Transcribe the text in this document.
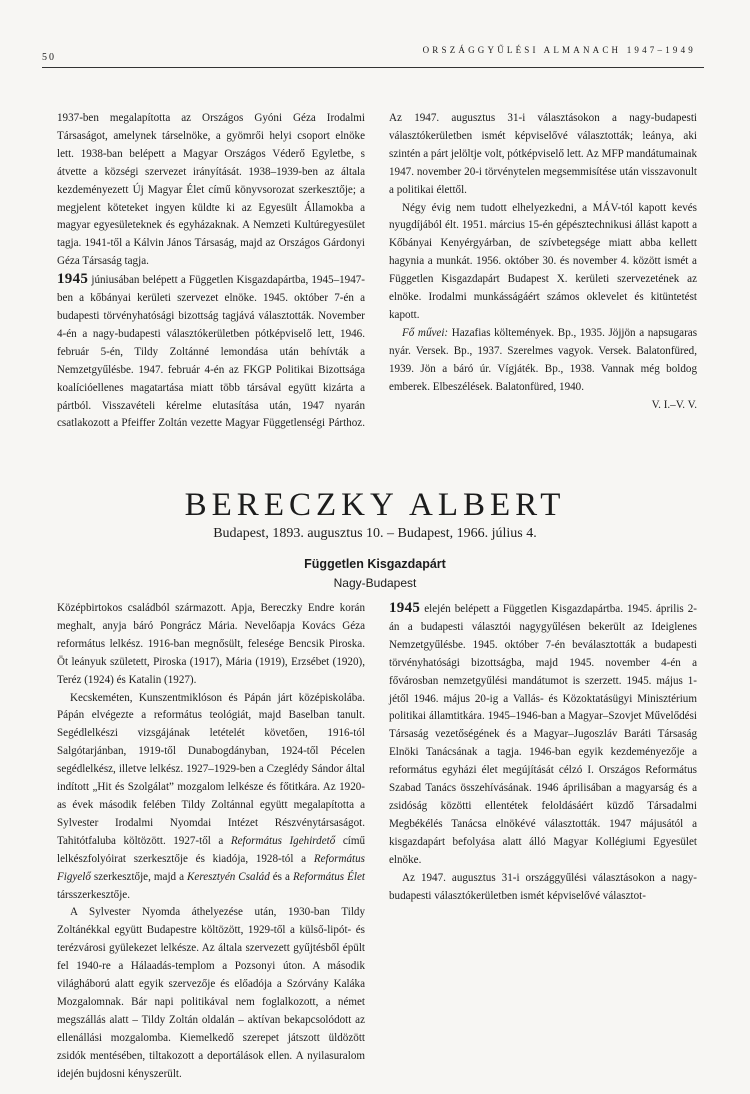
50
ORSZÁGGYŰLÉSI ALMANACH 1947–1949

1937-ben megalapította az Országos Gyóni Géza Irodalmi Társaságot, amelynek társelnöke, a gyömrői helyi csoport elnöke lett. 1938-ban belépett a Magyar Országos Véderő Egyletbe, s átvette a községi szervezet irányítását. 1938–1939-ben az általa kezdeményezett Új Magyar Élet című könyvsorozat szerkesztője; a megjelent köteteket ingyen küldte ki az Egyesült Államokba a magyar egyesületeknek és egyházaknak. A Nemzeti Kultúregyesület tagja. 1941-től a Kálvin János Társaság, majd az Országos Gárdonyi Géza Társaság tagja.

1945 júniusában belépett a Független Kisgazdapártba, 1945–1947-ben a kőbányai kerületi szervezet elnöke. 1945. október 7-én a budapesti törvényhatósági bizottság tagjává választották. November 4-én a nagy-budapesti választókerületben pótképviselő lett, 1946. február 5-én, Tildy Zoltánné lemondása után behívták a Nemzetgyűlésbe. 1947. február 4-én az FKGP Politikai Bizottsága koalícióellenes magatartása miatt több társával együtt kizárta a pártból. Visszavételi kérelme elutasítása után, 1947 nyarán csatlakozott a Pfeiffer Zoltán vezette Magyar Függetlenségi Párthoz. Az 1947. augusztus 31-i választásokon a nagy-budapesti választókerületben ismét képviselővé választották; leánya, aki szintén a párt jelöltje volt, pótképviselő lett. Az MFP mandátumainak 1947. november 20-i törvénytelen megsemmisítése után visszavonult a politikai élettől.

Négy évig nem tudott elhelyezkedni, a MÁV-tól kapott kevés nyugdíjából élt. 1951. március 15-én gépésztechnikusi állást kapott a Kőbányai Kenyérgyárban, de szívbetegsége miatt abba kellett hagynia a munkát. 1956. október 30. és november 4. között ismét a Független Kisgazdapárt Budapest X. kerületi szervezetének az elnöke. Irodalmi munkásságáért számos oklevelet és kitüntetést kapott.

Fő művei: Hazafias költemények. Bp., 1935. Jöjjön a napsugaras nyár. Versek. Bp., 1937. Szerelmes vagyok. Versek. Balatonfüred, 1939. Jön a báró úr. Vígjáték. Bp., 1938. Vannak még boldog emberek. Elbeszélések. Balatonfüred, 1940.

V. I.–V. V.

BERECZKY ALBERT
Budapest, 1893. augusztus 10. – Budapest, 1966. július 4.
Független Kisgazdapárt
Nagy-Budapest

Középbirtokos családból származott. Apja, Bereczky Endre korán meghalt, anyja báró Pongrácz Mária. Nevelőapja Kovács Géza református lelkész. 1916-ban megnősült, felesége Bencsik Piroska. Öt leányuk született, Piroska (1917), Mária (1919), Erzsébet (1920), Teréz (1924) és Katalin (1927).

Kecskeméten, Kunszentmiklóson és Pápán járt középiskolába. Pápán elvégezte a református teológiát, majd Baselban tanult. Segédlelkészi vizsgájának letételét követően, 1916-tól Salgótarjánban, 1919-től Dunabogdányban, 1924-től Pécelen segédlelkész, illetve lelkész. 1927–1929-ben a Czeglédy Sándor által indított „Hit és Szolgálat” mozgalom lelkésze és főtitkára. Az 1920-as évek második felében Tildy Zoltánnal együtt megalapította a Sylvester Irodalmi Nyomdai Intézet Részvénytársaságot. Tahitótfaluba költözött. 1927-től a Református Igehirdető című lelkészfolyóirat szerkesztője és kiadója, 1928-tól a Református Figyelő szerkesztője, majd a Keresztyén Család és a Református Élet társszerkesztője.

A Sylvester Nyomda áthelyezése után, 1930-ban Tildy Zoltánékkal együtt Budapestre költözött, 1929-től a külső-lipót- és terézvárosi gyülekezet lelkésze. Az általa szervezett gyűjtésből épült fel 1940-re a Hálaadás-templom a Pozsonyi úton. A második világháború alatt egyik szervezője és előadója a Szórvány Kaláka Mozgalomnak. Bár napi politikával nem foglalkozott, a német megszállás alatt – Tildy Zoltán oldalán – aktívan bekapcsolódott az ellenállási mozgalomba. Kiemelkedő szerepet játszott üldözött zsidók mentésében, tiltakozott a deportálások ellen. A nyilasuralom idején bujdosni kényszerült.

1945 elején belépett a Független Kisgazdapártba. 1945. április 2-án a budapesti választói nagygyűlésen bekerült az Ideiglenes Nemzetgyűlésbe. 1945. október 7-én beválasztották a budapesti törvényhatósági bizottságba, majd 1945. november 4-én a fővárosban nemzetgyűlési mandátumot is szerzett. 1945. május 1-jétől 1946. május 20-ig a Vallás- és Közoktatásügyi Minisztérium politikai államtitkára. 1945–1946-ban a Magyar–Szovjet Művelődési Társaság vezetőségének és a Magyar–Jugoszláv Baráti Társaság Elnöki Tanácsának a tagja. 1946-ban egyik kezdeményezője a református egyházi élet megújítását célzó I. Országos Református Szabad Tanács összehívásának. 1946 áprilisában a magyarság és a zsidóság közötti ellentétek feloldásáért küzdő Társadalmi Megbékélés Tanácsa elnökévé választották. 1947 májusától a kisgazdapárt befolyása alatt álló Magyar Kollégiumi Egyesület elnöke.

Az 1947. augusztus 31-i országgyűlési választásokon a nagy-budapesti választókerületben ismét képviselővé választot-
